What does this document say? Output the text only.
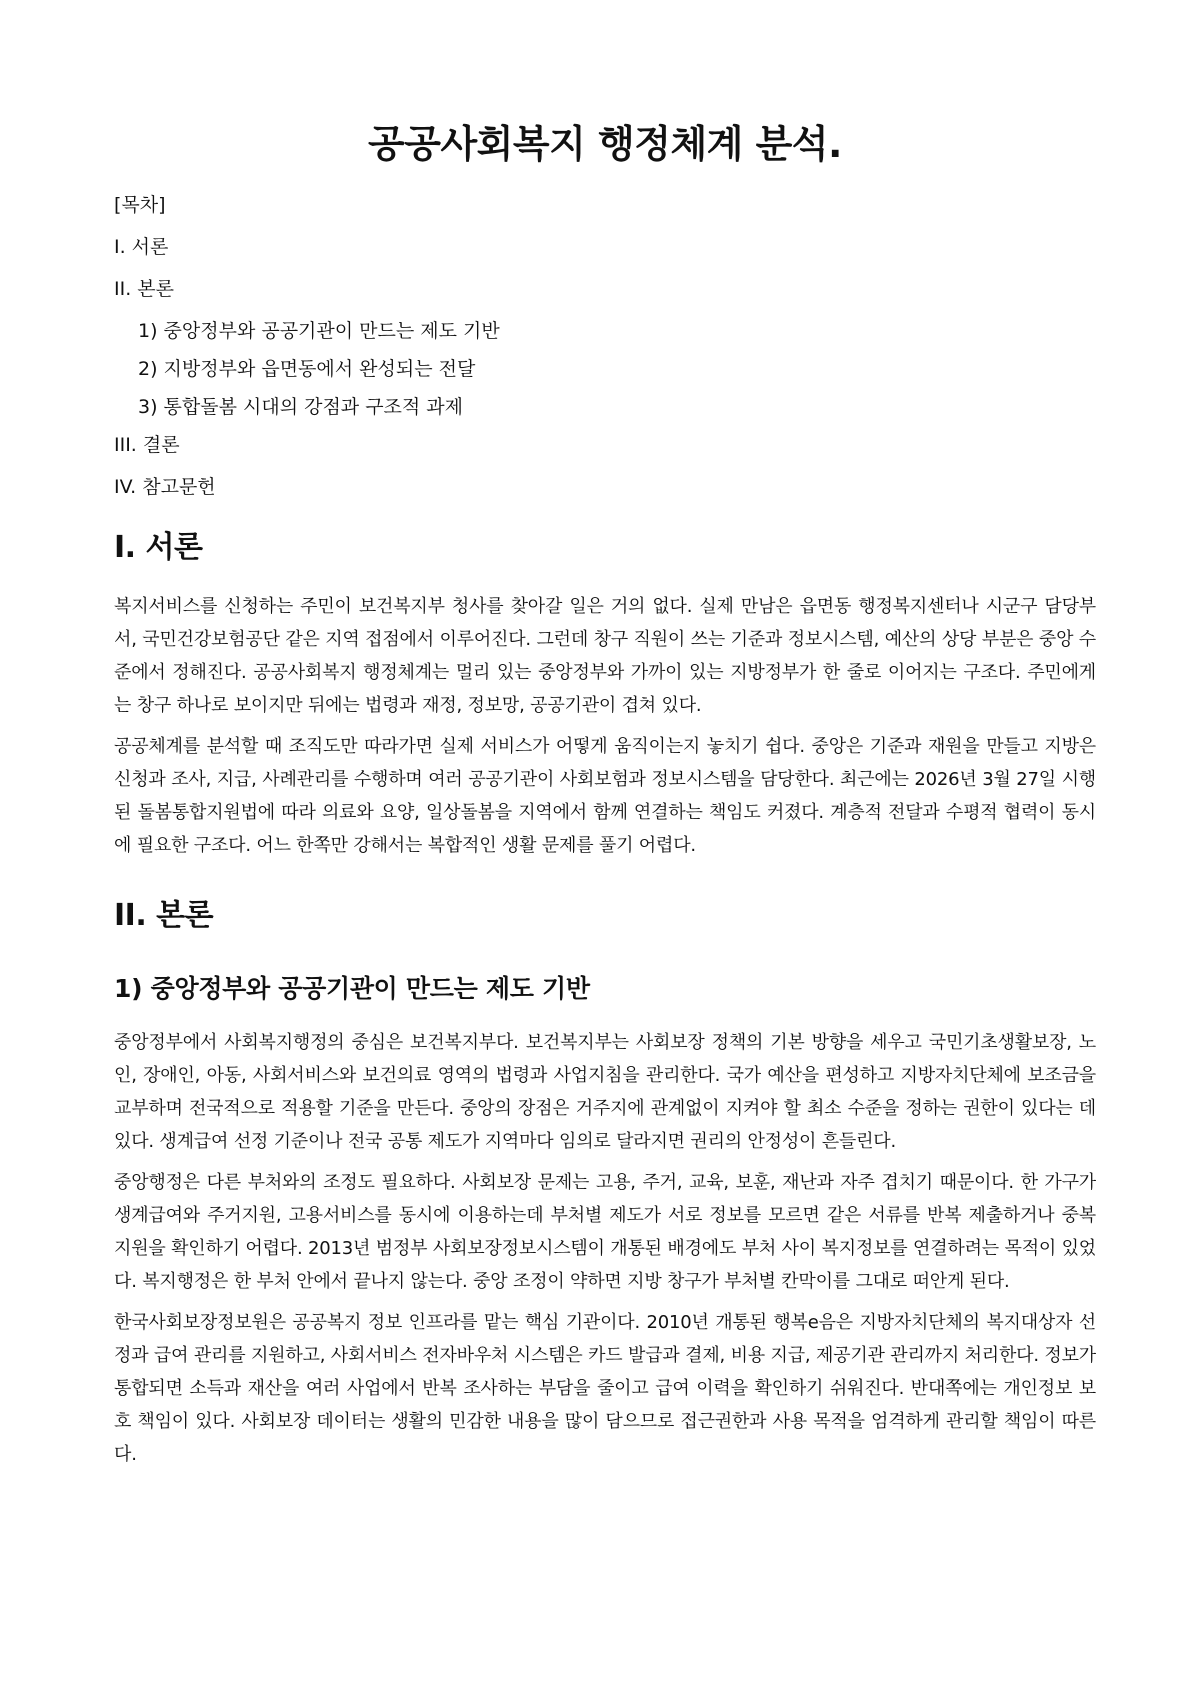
공공사회복지 행정체계 분석.
[목차]
I. 서론
II. 본론
1) 중앙정부와 공공기관이 만드는 제도 기반
2) 지방정부와 읍면동에서 완성되는 전달
3) 통합돌봄 시대의 강점과 구조적 과제
III. 결론
IV. 참고문헌
I. 서론

복지서비스를 신청하는 주민이 보건복지부 청사를 찾아갈 일은 거의 없다. 실제 만남은 읍면동 행정복지센터나 시군구 담당부서, 국민건강보험공단 같은 지역 접점에서 이루어진다. 그런데 창구 직원이 쓰는 기준과 정보시스템, 예산의 상당 부분은 중앙 수준에서 정해진다. 공공사회복지 행정체계는 멀리 있는 중앙정부와 가까이 있는 지방정부가 한 줄로 이어지는 구조다. 주민에게는 창구 하나로 보이지만 뒤에는 법령과 재정, 정보망, 공공기관이 겹쳐 있다.

공공체계를 분석할 때 조직도만 따라가면 실제 서비스가 어떻게 움직이는지 놓치기 쉽다. 중앙은 기준과 재원을 만들고 지방은 신청과 조사, 지급, 사례관리를 수행하며 여러 공공기관이 사회보험과 정보시스템을 담당한다. 최근에는 2026년 3월 27일 시행된 돌봄통합지원법에 따라 의료와 요양, 일상돌봄을 지역에서 함께 연결하는 책임도 커졌다. 계층적 전달과 수평적 협력이 동시에 필요한 구조다. 어느 한쪽만 강해서는 복합적인 생활 문제를 풀기 어렵다.

II. 본론
1) 중앙정부와 공공기관이 만드는 제도 기반

중앙정부에서 사회복지행정의 중심은 보건복지부다. 보건복지부는 사회보장 정책의 기본 방향을 세우고 국민기초생활보장, 노인, 장애인, 아동, 사회서비스와 보건의료 영역의 법령과 사업지침을 관리한다. 국가 예산을 편성하고 지방자치단체에 보조금을 교부하며 전국적으로 적용할 기준을 만든다. 중앙의 장점은 거주지에 관계없이 지켜야 할 최소 수준을 정하는 권한이 있다는 데 있다. 생계급여 선정 기준이나 전국 공통 제도가 지역마다 임의로 달라지면 권리의 안정성이 흔들린다.

중앙행정은 다른 부처와의 조정도 필요하다. 사회보장 문제는 고용, 주거, 교육, 보훈, 재난과 자주 겹치기 때문이다. 한 가구가 생계급여와 주거지원, 고용서비스를 동시에 이용하는데 부처별 제도가 서로 정보를 모르면 같은 서류를 반복 제출하거나 중복 지원을 확인하기 어렵다. 2013년 범정부 사회보장정보시스템이 개통된 배경에도 부처 사이 복지정보를 연결하려는 목적이 있었다. 복지행정은 한 부처 안에서 끝나지 않는다. 중앙 조정이 약하면 지방 창구가 부처별 칸막이를 그대로 떠안게 된다.

한국사회보장정보원은 공공복지 정보 인프라를 맡는 핵심 기관이다. 2010년 개통된 행복e음은 지방자치단체의 복지대상자 선정과 급여 관리를 지원하고, 사회서비스 전자바우처 시스템은 카드 발급과 결제, 비용 지급, 제공기관 관리까지 처리한다. 정보가 통합되면 소득과 재산을 여러 사업에서 반복 조사하는 부담을 줄이고 급여 이력을 확인하기 쉬워진다. 반대쪽에는 개인정보 보호 책임이 있다. 사회보장 데이터는 생활의 민감한 내용을 많이 담으므로 접근권한과 사용 목적을 엄격하게 관리할 책임이 따른다.
